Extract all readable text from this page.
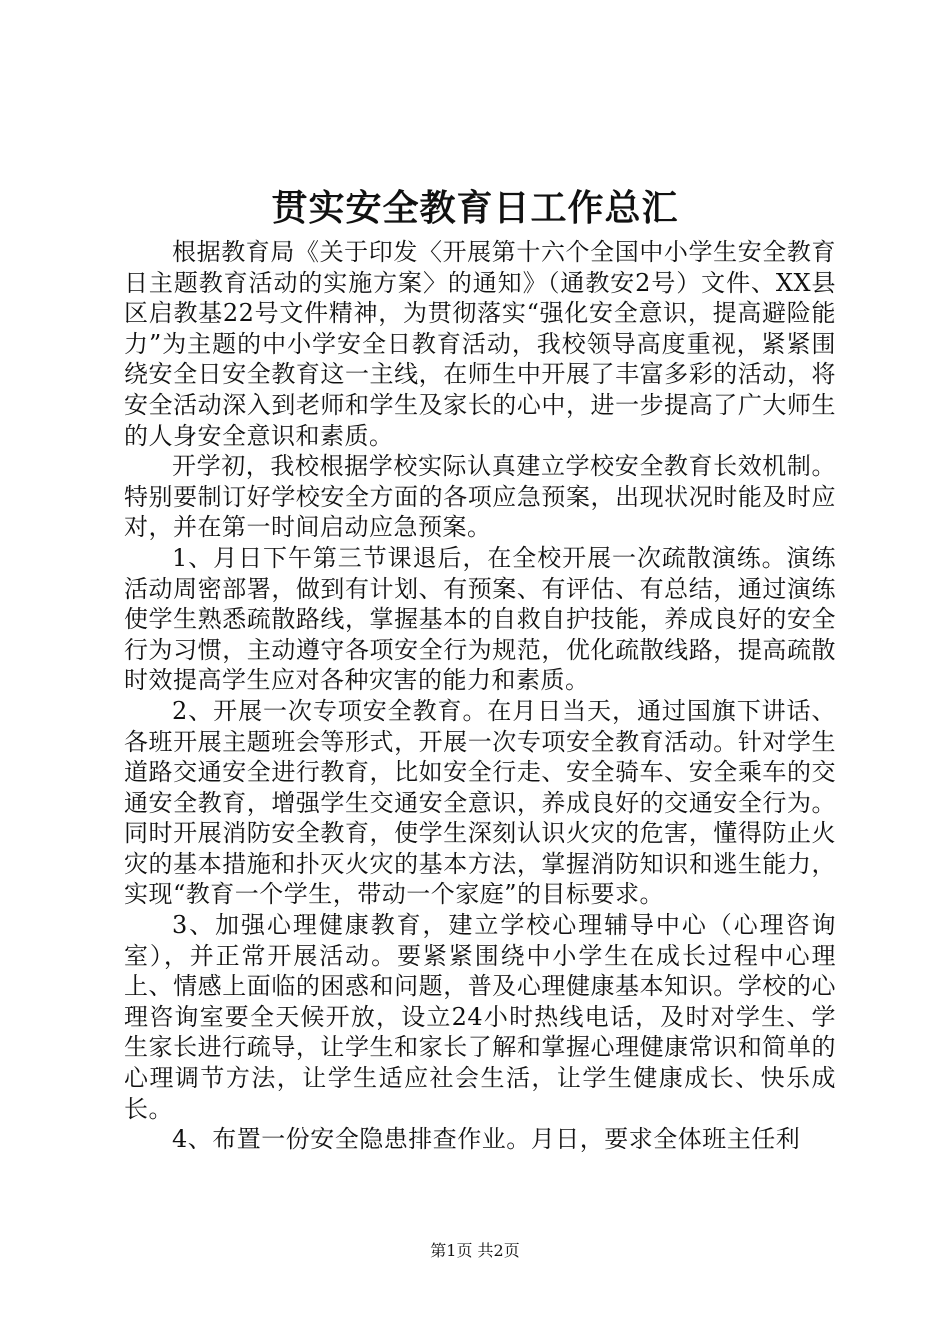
贯实安全教育日工作总汇

根据教育局《关于印发〈开展第十六个全国中小学生安全教育日主题教育活动的实施方案〉的通知》（通教安2号）文件、XX县区启教基22号文件精神，为贯彻落实“强化安全意识，提高避险能力”为主题的中小学安全日教育活动，我校领导高度重视，紧紧围绕安全日安全教育这一主线，在师生中开展了丰富多彩的活动，将安全活动深入到老师和学生及家长的心中，进一步提高了广大师生的人身安全意识和素质。

开学初，我校根据学校实际认真建立学校安全教育长效机制。特别要制订好学校安全方面的各项应急预案，出现状况时能及时应对，并在第一时间启动应急预案。

1、月日下午第三节课退后，在全校开展一次疏散演练。演练活动周密部署，做到有计划、有预案、有评估、有总结，通过演练使学生熟悉疏散路线，掌握基本的自救自护技能，养成良好的安全行为习惯，主动遵守各项安全行为规范，优化疏散线路，提高疏散时效提高学生应对各种灾害的能力和素质。

2、开展一次专项安全教育。在月日当天，通过国旗下讲话、各班开展主题班会等形式，开展一次专项安全教育活动。针对学生道路交通安全进行教育，比如安全行走、安全骑车、安全乘车的交通安全教育，增强学生交通安全意识，养成良好的交通安全行为。同时开展消防安全教育，使学生深刻认识火灾的危害，懂得防止火灾的基本措施和扑灭火灾的基本方法，掌握消防知识和逃生能力，实现“教育一个学生，带动一个家庭”的目标要求。

3、加强心理健康教育，建立学校心理辅导中心（心理咨询室），并正常开展活动。要紧紧围绕中小学生在成长过程中心理上、情感上面临的困惑和问题，普及心理健康基本知识。学校的心理咨询室要全天候开放，设立24小时热线电话，及时对学生、学生家长进行疏导，让学生和家长了解和掌握心理健康常识和简单的心理调节方法，让学生适应社会生活，让学生健康成长、快乐成长。

4、布置一份安全隐患排查作业。月日，要求全体班主任利

第1页 共2页
